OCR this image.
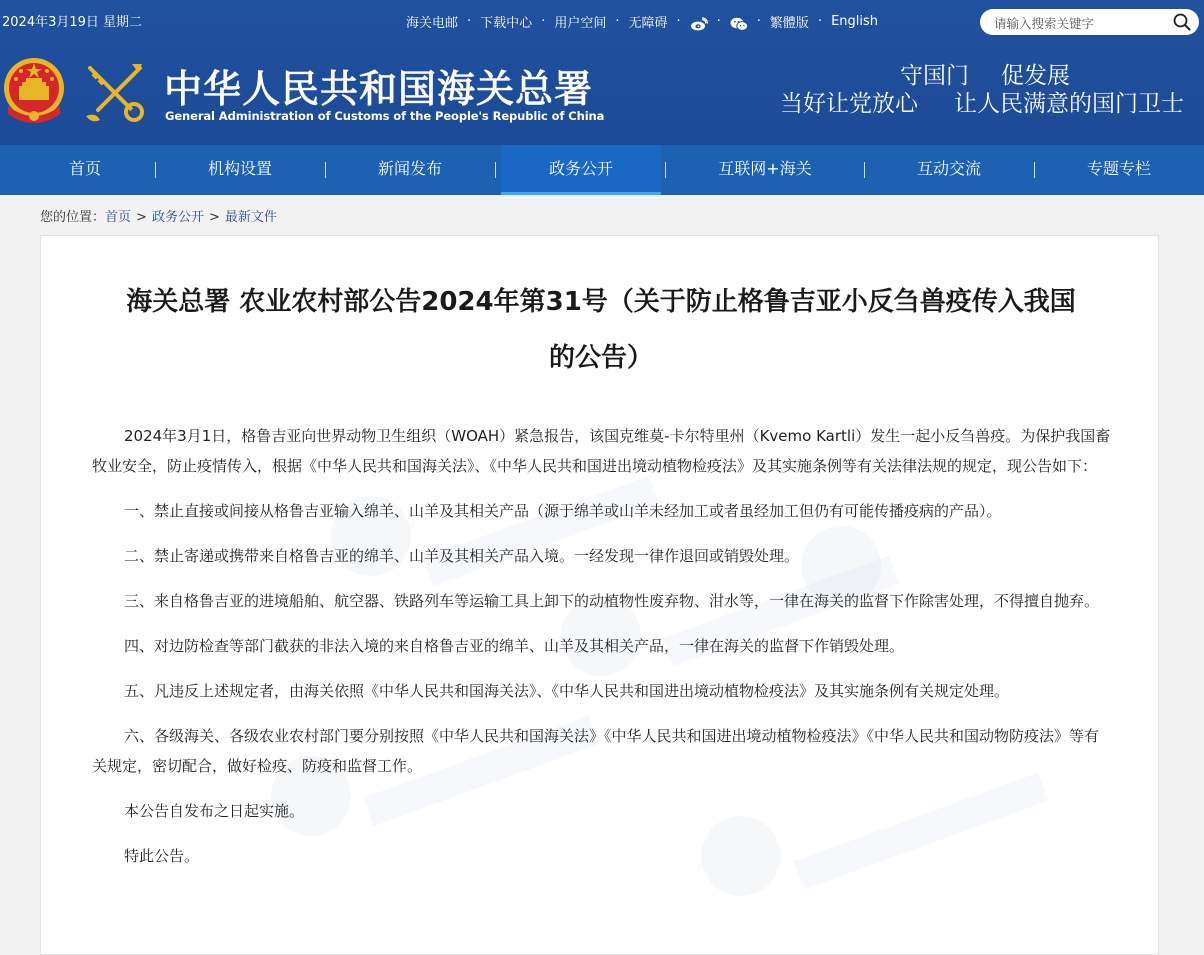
2024年3月19日 星期二	海关电邮 · 下载中心 · 用户空间 · 无障碍 ·	·	· 繁體版 · English
请输入搜索关键字
中华人民共和国海关总署
General Administration of Customs of the People's Republic of China
守国门 促发展
当好让党放心 让人民满意的国门卫士
首页	机构设置	新闻发布	政务公开	互联网+海关	互动交流	专题专栏
您的位置：首页 > 政务公开 > 最新文件
海关总署 农业农村部公告2024年第31号（关于防止格鲁吉亚小反刍兽疫传入我国
的公告）

2024年3月1日，格鲁吉亚向世界动物卫生组织（WOAH）紧急报告，该国克维莫-卡尔特里州（Kvemo Kartli）发生一起小反刍兽疫。为保护我国畜牧业安全，防止疫情传入，根据《中华人民共和国海关法》、《中华人民共和国进出境动植物检疫法》及其实施条例等有关法律法规的规定，现公告如下：

一、禁止直接或间接从格鲁吉亚输入绵羊、山羊及其相关产品（源于绵羊或山羊未经加工或者虽经加工但仍有可能传播疫病的产品）。

二、禁止寄递或携带来自格鲁吉亚的绵羊、山羊及其相关产品入境。一经发现一律作退回或销毁处理。

三、来自格鲁吉亚的进境船舶、航空器、铁路列车等运输工具上卸下的动植物性废弃物、泔水等，一律在海关的监督下作除害处理，不得擅自抛弃。

四、对边防检查等部门截获的非法入境的来自格鲁吉亚的绵羊、山羊及其相关产品，一律在海关的监督下作销毁处理。

五、凡违反上述规定者，由海关依照《中华人民共和国海关法》、《中华人民共和国进出境动植物检疫法》及其实施条例有关规定处理。

六、各级海关、各级农业农村部门要分别按照《中华人民共和国海关法》《中华人民共和国进出境动植物检疫法》《中华人民共和国动物防疫法》等有关规定，密切配合，做好检疫、防疫和监督工作。

本公告自发布之日起实施。

特此公告。
